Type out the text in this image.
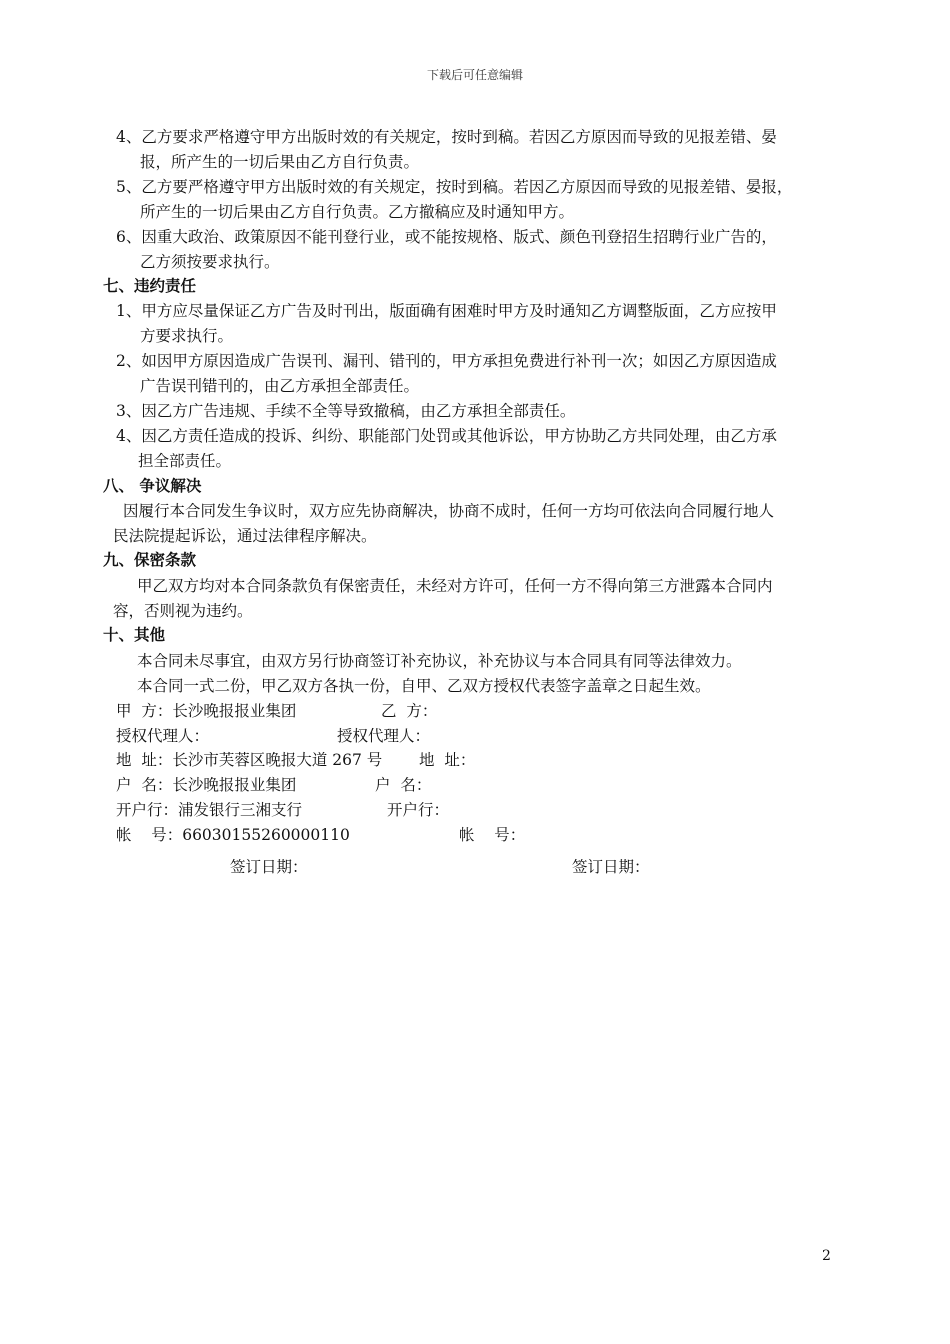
下载后可任意编辑
4、乙方要求严格遵守甲方出版时效的有关规定，按时到稿。若因乙方原因而导致的见报差错、晏
报，所产生的一切后果由乙方自行负责。
5、乙方要严格遵守甲方出版时效的有关规定，按时到稿。若因乙方原因而导致的见报差错、晏报，
所产生的一切后果由乙方自行负责。乙方撤稿应及时通知甲方。
6、因重大政治、政策原因不能刊登行业，或不能按规格、版式、颜色刊登招生招聘行业广告的，
乙方须按要求执行。
七、违约责任
1、甲方应尽量保证乙方广告及时刊出，版面确有困难时甲方及时通知乙方调整版面，乙方应按甲
方要求执行。
2、如因甲方原因造成广告误刊、漏刊、错刊的，甲方承担免费进行补刊一次；如因乙方原因造成
广告误刊错刊的，由乙方承担全部责任。
3、因乙方广告违规、手续不全等导致撤稿，由乙方承担全部责任。
4、因乙方责任造成的投诉、纠纷、职能部门处罚或其他诉讼，甲方协助乙方共同处理，由乙方承
担全部责任。
八、 争议解决
因履行本合同发生争议时，双方应先协商解决，协商不成时，任何一方均可依法向合同履行地人
民法院提起诉讼，通过法律程序解决。
九、保密条款
甲乙双方均对本合同条款负有保密责任，未经对方许可，任何一方不得向第三方泄露本合同内
容，否则视为违约。
十、其他
本合同未尽事宜，由双方另行协商签订补充协议，补充协议与本合同具有同等法律效力。
本合同一式二份，甲乙双方各执一份，自甲、乙双方授权代表签字盖章之日起生效。
甲  方：长沙晚报报业集团	乙  方：
授权代理人：	授权代理人：
地  址：长沙市芙蓉区晚报大道 267 号 地  址：
户  名：长沙晚报报业集团	户  名：
开户行：浦发银行三湘支行	开户行：
帐    号：66030155260000110	帐    号：
签订日期：	签订日期：
2
